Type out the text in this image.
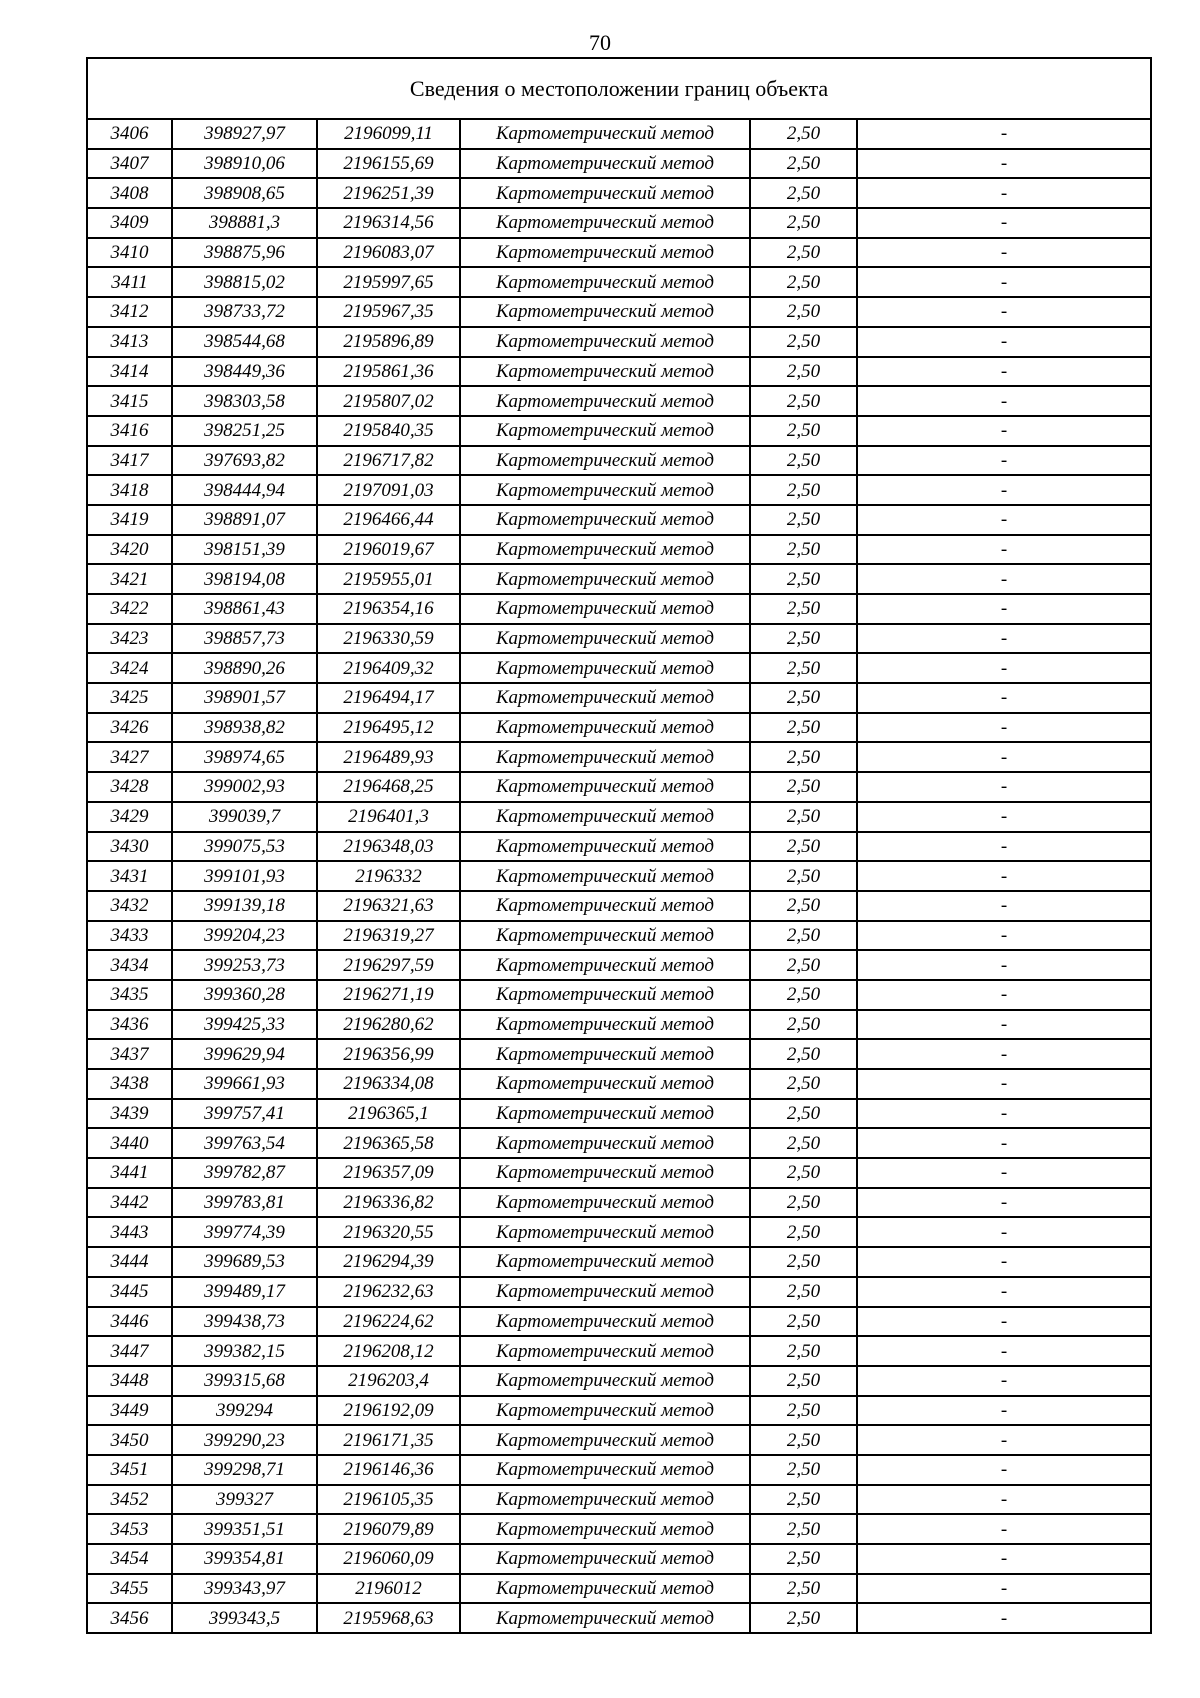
70
Сведения о местоположении границ объекта					
3406	398927,97	2196099,11	Картометрический метод	2,50	-
3407	398910,06	2196155,69	Картометрический метод	2,50	-
3408	398908,65	2196251,39	Картометрический метод	2,50	-
3409	398881,3	2196314,56	Картометрический метод	2,50	-
3410	398875,96	2196083,07	Картометрический метод	2,50	-
3411	398815,02	2195997,65	Картометрический метод	2,50	-
3412	398733,72	2195967,35	Картометрический метод	2,50	-
3413	398544,68	2195896,89	Картометрический метод	2,50	-
3414	398449,36	2195861,36	Картометрический метод	2,50	-
3415	398303,58	2195807,02	Картометрический метод	2,50	-
3416	398251,25	2195840,35	Картометрический метод	2,50	-
3417	397693,82	2196717,82	Картометрический метод	2,50	-
3418	398444,94	2197091,03	Картометрический метод	2,50	-
3419	398891,07	2196466,44	Картометрический метод	2,50	-
3420	398151,39	2196019,67	Картометрический метод	2,50	-
3421	398194,08	2195955,01	Картометрический метод	2,50	-
3422	398861,43	2196354,16	Картометрический метод	2,50	-
3423	398857,73	2196330,59	Картометрический метод	2,50	-
3424	398890,26	2196409,32	Картометрический метод	2,50	-
3425	398901,57	2196494,17	Картометрический метод	2,50	-
3426	398938,82	2196495,12	Картометрический метод	2,50	-
3427	398974,65	2196489,93	Картометрический метод	2,50	-
3428	399002,93	2196468,25	Картометрический метод	2,50	-
3429	399039,7	2196401,3	Картометрический метод	2,50	-
3430	399075,53	2196348,03	Картометрический метод	2,50	-
3431	399101,93	2196332	Картометрический метод	2,50	-
3432	399139,18	2196321,63	Картометрический метод	2,50	-
3433	399204,23	2196319,27	Картометрический метод	2,50	-
3434	399253,73	2196297,59	Картометрический метод	2,50	-
3435	399360,28	2196271,19	Картометрический метод	2,50	-
3436	399425,33	2196280,62	Картометрический метод	2,50	-
3437	399629,94	2196356,99	Картометрический метод	2,50	-
3438	399661,93	2196334,08	Картометрический метод	2,50	-
3439	399757,41	2196365,1	Картометрический метод	2,50	-
3440	399763,54	2196365,58	Картометрический метод	2,50	-
3441	399782,87	2196357,09	Картометрический метод	2,50	-
3442	399783,81	2196336,82	Картометрический метод	2,50	-
3443	399774,39	2196320,55	Картометрический метод	2,50	-
3444	399689,53	2196294,39	Картометрический метод	2,50	-
3445	399489,17	2196232,63	Картометрический метод	2,50	-
3446	399438,73	2196224,62	Картометрический метод	2,50	-
3447	399382,15	2196208,12	Картометрический метод	2,50	-
3448	399315,68	2196203,4	Картометрический метод	2,50	-
3449	399294	2196192,09	Картометрический метод	2,50	-
3450	399290,23	2196171,35	Картометрический метод	2,50	-
3451	399298,71	2196146,36	Картометрический метод	2,50	-
3452	399327	2196105,35	Картометрический метод	2,50	-
3453	399351,51	2196079,89	Картометрический метод	2,50	-
3454	399354,81	2196060,09	Картометрический метод	2,50	-
3455	399343,97	2196012	Картометрический метод	2,50	-
3456	399343,5	2195968,63	Картометрический метод	2,50	-
